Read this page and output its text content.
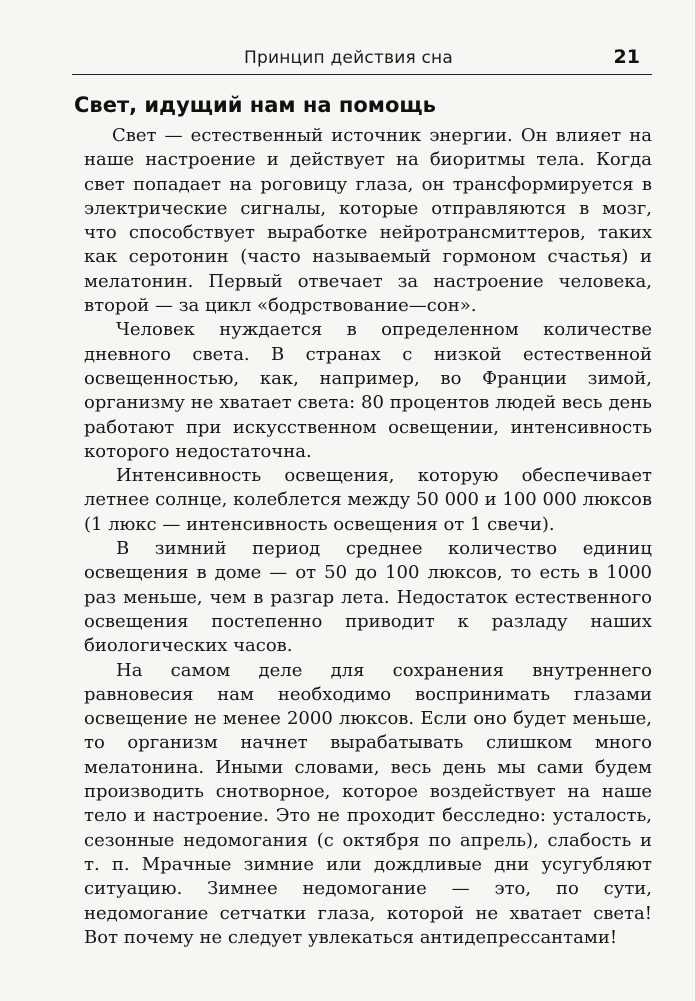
Принцип действия сна	21
Свет, идущий нам на помощь

Свет — естественный источник энергии. Он влияет на наше настроение и действует на биоритмы тела. Когда свет попадает на роговицу глаза, он трансформируется в электрические сигналы, которые отправляются в мозг, что способствует выработке нейротрансмиттеров, таких как серотонин (часто называемый гормоном счастья) и мелатонин. Первый отвечает за настроение человека, второй — за цикл «бодрствование—сон».

Человек нуждается в определенном количестве дневного света. В странах с низкой естественной освещенностью, как, например, во Франции зимой, организму не хватает света: 80 процентов людей весь день работают при искусственном освещении, интенсивность которого недостаточна.

Интенсивность освещения, которую обеспечивает летнее солнце, колеблется между 50 000 и 100 000 люксов (1 люкс — интенсивность освещения от 1 свечи).

В зимний период среднее количество единиц освещения в доме — от 50 до 100 люксов, то есть в 1000 раз меньше, чем в разгар лета. Недостаток естественного освещения постепенно приводит к разладу наших биологических часов.

На самом деле для сохранения внутреннего равновесия нам необходимо воспринимать глазами освещение не менее 2000 люксов. Если оно будет меньше, то организм начнет вырабатывать слишком много мелатонина. Иными словами, весь день мы сами будем производить снотворное, которое воздействует на наше тело и настроение. Это не проходит бесследно: усталость, сезонные недомогания (с октября по апрель), слабость и т. п. Мрачные зимние или дождливые дни усугубляют ситуацию. Зимнее недомогание — это, по сути, недомогание сетчатки глаза, которой не хватает света! Вот почему не следует увлекаться антидепрессантами!
